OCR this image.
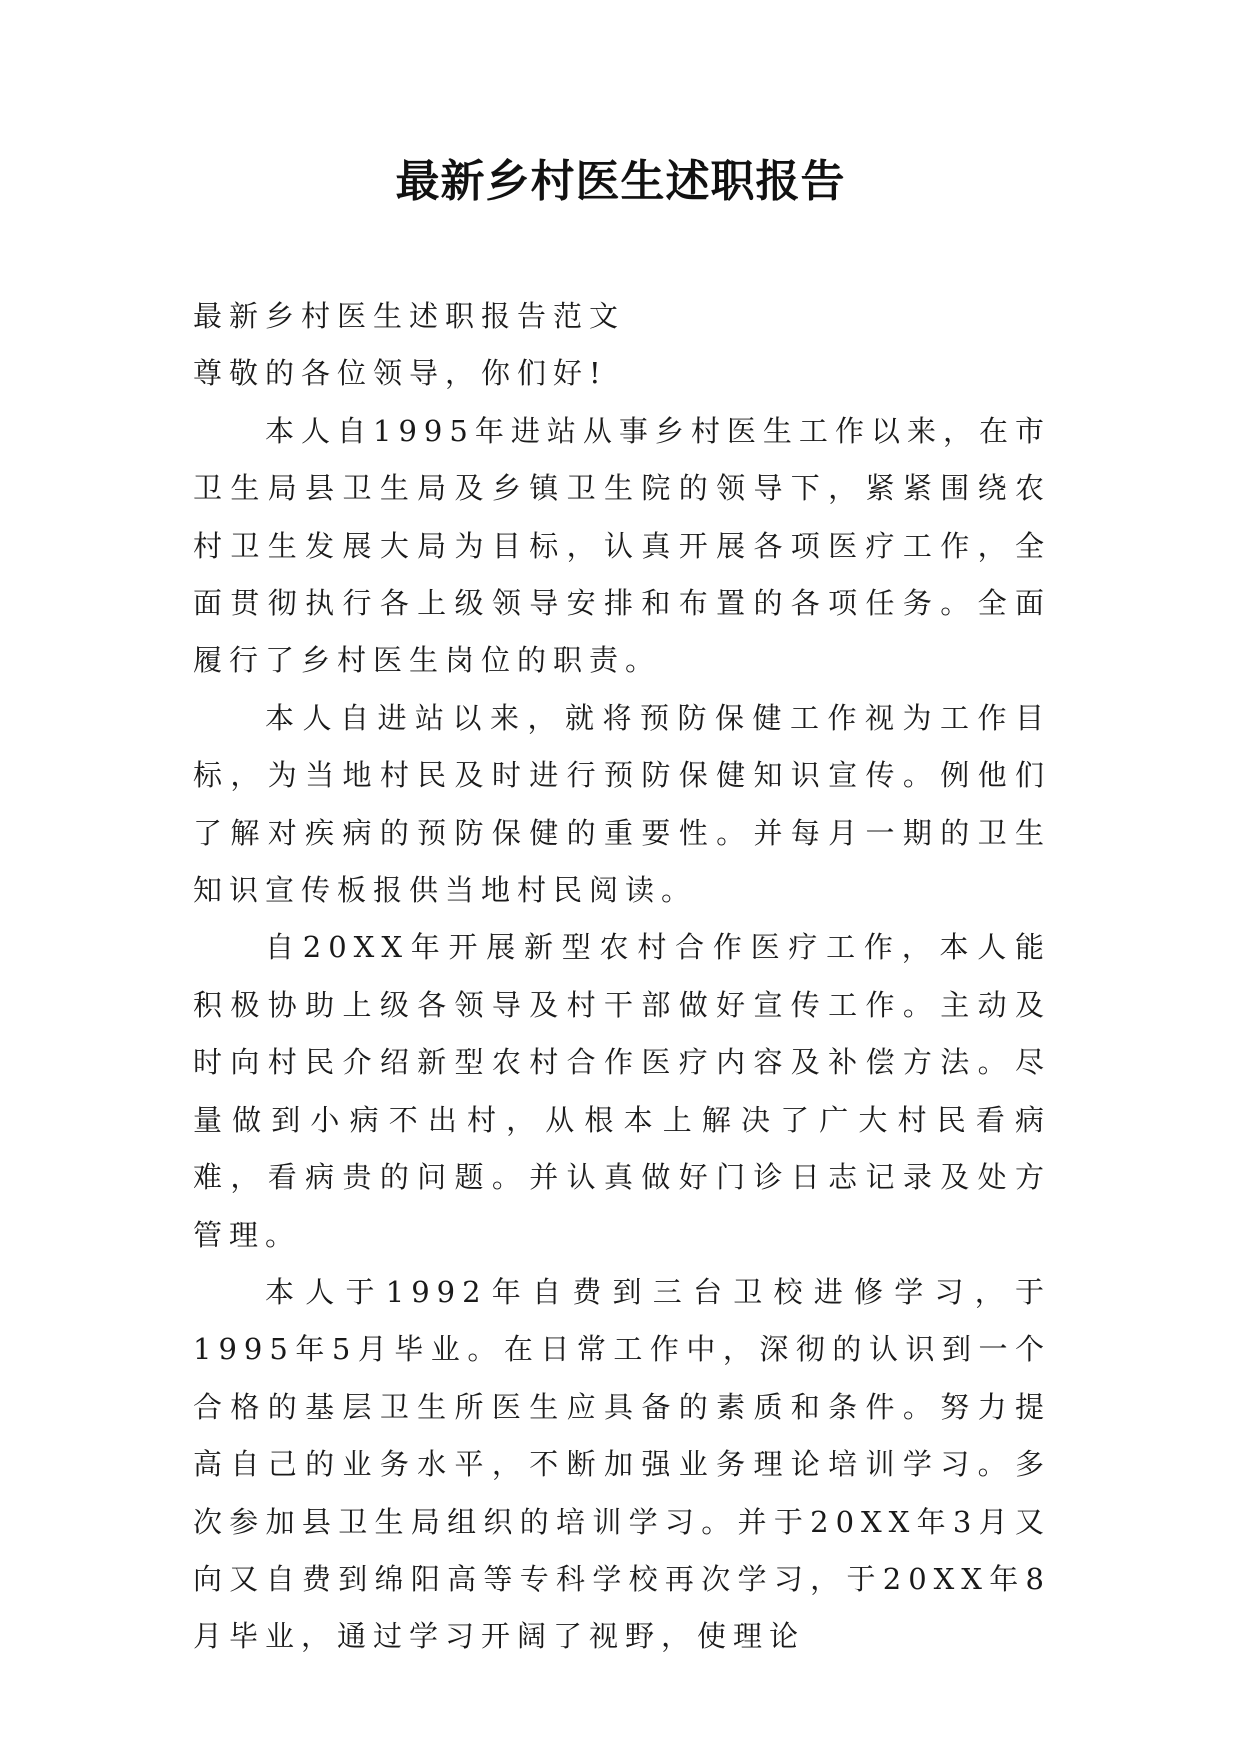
最新乡村医生述职报告

最新乡村医生述职报告范文

尊敬的各位领导，你们好!

本人自1995年进站从事乡村医生工作以来，在市卫生局县卫生局及乡镇卫生院的领导下，紧紧围绕农村卫生发展大局为目标，认真开展各项医疗工作，全面贯彻执行各上级领导安排和布置的各项任务。全面履行了乡村医生岗位的职责。

本人自进站以来，就将预防保健工作视为工作目标，为当地村民及时进行预防保健知识宣传。例他们了解对疾病的预防保健的重要性。并每月一期的卫生知识宣传板报供当地村民阅读。

自20XX年开展新型农村合作医疗工作，本人能积极协助上级各领导及村干部做好宣传工作。主动及时向村民介绍新型农村合作医疗内容及补偿方法。尽量做到小病不出村，从根本上解决了广大村民看病难，看病贵的问题。并认真做好门诊日志记录及处方管理。

本人于1992年自费到三台卫校进修学习，于1995年5月毕业。在日常工作中，深彻的认识到一个合格的基层卫生所医生应具备的素质和条件。努力提高自己的业务水平，不断加强业务理论培训学习。多次参加县卫生局组织的培训学习。并于20XX年3月又向又自费到绵阳高等专科学校再次学习，于20XX年8月毕业，通过学习开阔了视野，使理论
